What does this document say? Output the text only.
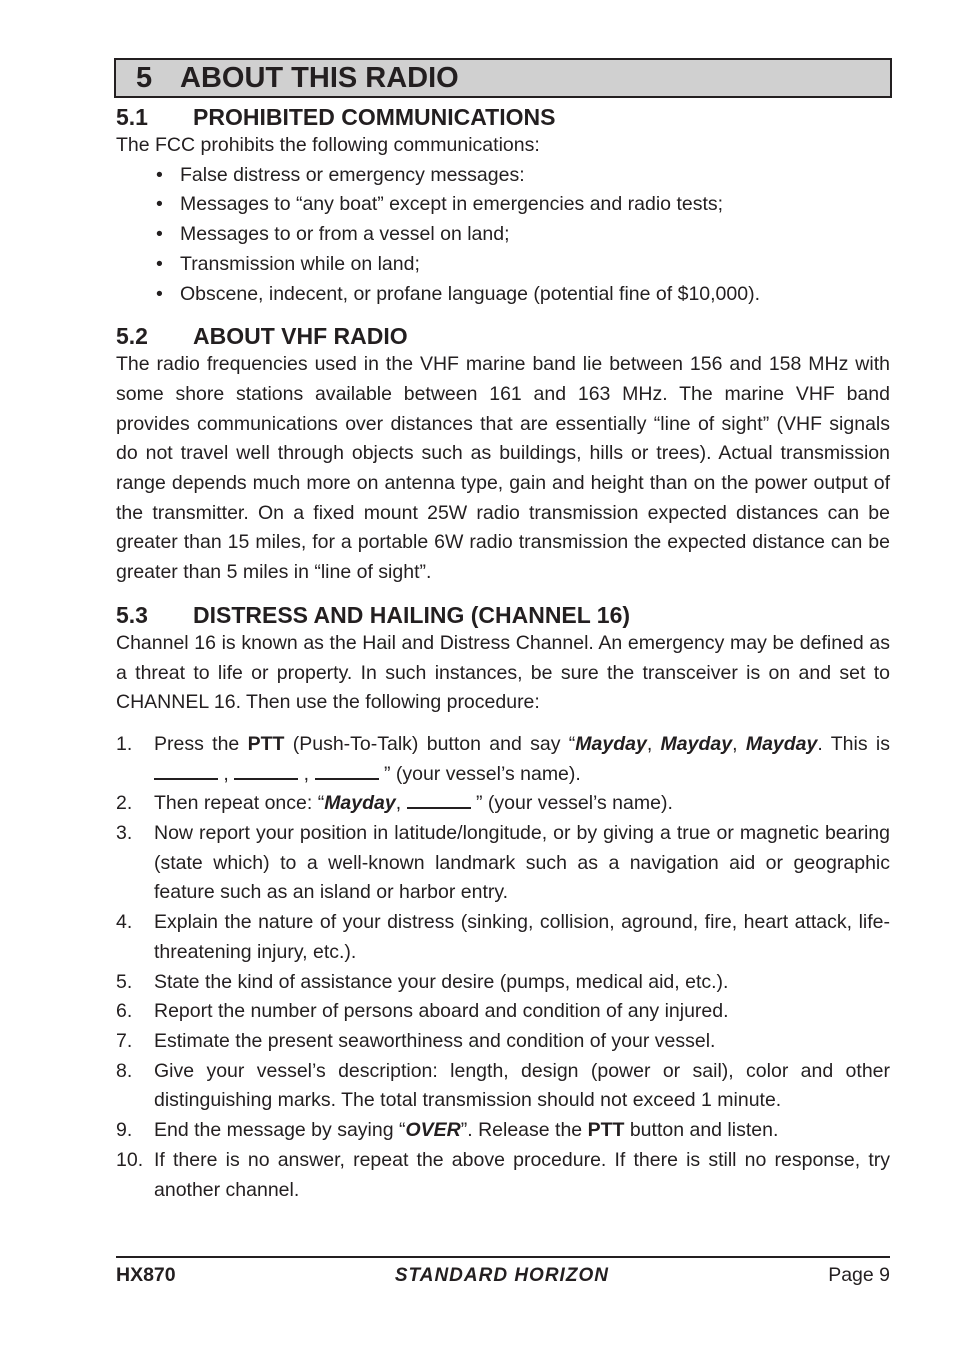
5 ABOUT THIS RADIO
5.1	PROHIBITED COMMUNICATIONS

The FCC prohibits the following communications:

• False distress or emergency messages:
• Messages to “any boat” except in emergencies and radio tests;
• Messages to or from a vessel on land;
• Transmission while on land;
• Obscene, indecent, or profane language (potential fine of $10,000).
5.2	ABOUT VHF RADIO

The radio frequencies used in the VHF marine band lie between 156 and 158 MHz with some shore stations available between 161 and 163 MHz. The marine VHF band provides communications over distances that are essentially “line of sight” (VHF signals do not travel well through objects such as buildings, hills or trees). Actual transmission range depends much more on antenna type, gain and height than on the power output of the transmitter. On a fixed mount 25W radio transmission expected distances can be greater than 15 miles, for a portable 6W radio transmission the expected distance can be greater than 5 miles in “line of sight”.

5.3	DISTRESS AND HAILING (CHANNEL 16)

Channel 16 is known as the Hail and Distress Channel. An emergency may be defined as a threat to life or property. In such instances, be sure the transceiver is on and set to CHANNEL 16. Then use the following procedure:

1. Press the PTT (Push-To-Talk) button and say “Mayday, Mayday, Mayday. This is  ,	,	” (your vessel’s name).
2. Then repeat once: “Mayday,	” (your vessel’s name).
3. Now report your position in latitude/longitude, or by giving a true or magnetic bearing (state which) to a well-known landmark such as a navigation aid or geographic feature such as an island or harbor entry.
4. Explain the nature of your distress (sinking, collision, aground, fire, heart attack, life-threatening injury, etc.).
5. State the kind of assistance your desire (pumps, medical aid, etc.).
6. Report the number of persons aboard and condition of any injured.
7. Estimate the present seaworthiness and condition of your vessel.
8. Give your vessel’s description: length, design (power or sail), color and other distinguishing marks. The total transmission should not exceed 1 minute.
9. End the message by saying “OVER”. Release the PTT button and listen.
10. If there is no answer, repeat the above procedure. If there is still no response, try another channel.
HX870	STANDARD HORIZON	Page 9
